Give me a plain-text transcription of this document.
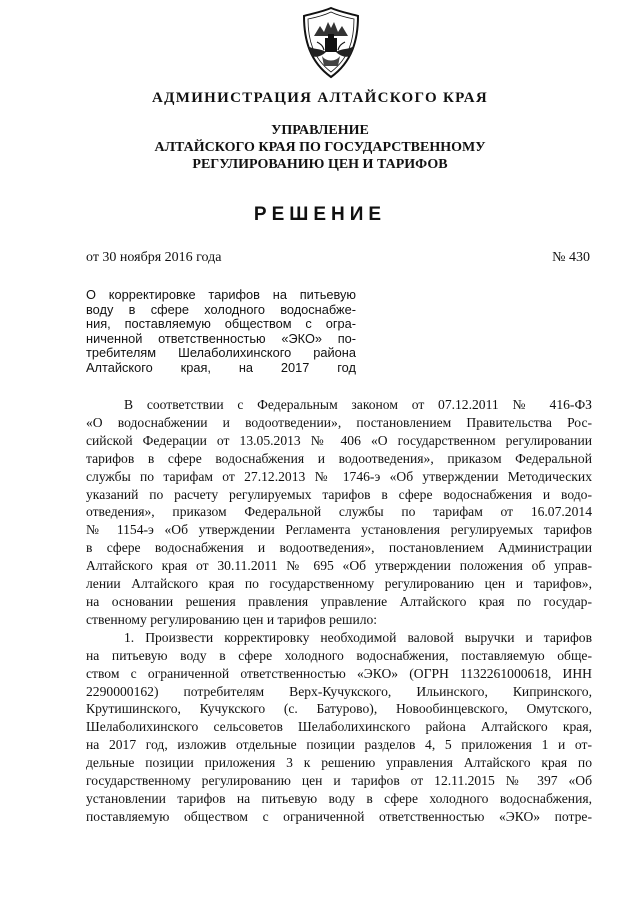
АДМИНИСТРАЦИЯ АЛТАЙСКОГО КРАЯ
УПРАВЛЕНИЕ
АЛТАЙСКОГО КРАЯ ПО ГОСУДАРСТВЕННОМУ
РЕГУЛИРОВАНИЮ ЦЕН И ТАРИФОВ
РЕШЕНИЕ
от 30 ноября 2016 года	№ 430
О корректировке тарифов на питьевую
воду в сфере холодного водоснабже-
ния, поставляемую обществом с огра-
ниченной ответственностью «ЭКО» по-
требителям Шелаболихинского района
Алтайского края, на 2017 год
В соответствии с Федеральным законом от 07.12.2011 № 416-ФЗ
«О водоснабжении и водоотведении», постановлением Правительства Рос-
сийской Федерации от 13.05.2013 № 406 «О государственном регулировании
тарифов в сфере водоснабжения и водоотведения», приказом Федеральной
службы по тарифам от 27.12.2013 № 1746-э «Об утверждении Методических
указаний по расчету регулируемых тарифов в сфере водоснабжения и водо-
отведения», приказом Федеральной службы по тарифам от 16.07.2014
№ 1154-э «Об утверждении Регламента установления регулируемых тарифов
в сфере водоснабжения и водоотведения», постановлением Администрации
Алтайского края от 30.11.2011 № 695 «Об утверждении положения об управ-
лении Алтайского края по государственному регулированию цен и тарифов»,
на основании решения правления управление Алтайского края по государ-
ственному регулированию цен и тарифов решило:
1. Произвести корректировку необходимой валовой выручки и тарифов
на питьевую воду в сфере холодного водоснабжения, поставляемую обще-
ством с ограниченной ответственностью «ЭКО» (ОГРН 1132261000618, ИНН
2290000162) потребителям Верх-Кучукского, Ильинского, Кипринского,
Крутишинского, Кучукского (с. Батурово), Новообинцевского, Омутского,
Шелаболихинского сельсоветов Шелаболихинского района Алтайского края,
на 2017 год, изложив отдельные позиции разделов 4, 5 приложения 1 и от-
дельные позиции приложения 3 к решению управления Алтайского края по
государственному регулированию цен и тарифов от 12.11.2015 № 397 «Об
установлении тарифов на питьевую воду в сфере холодного водоснабжения,
поставляемую обществом с ограниченной ответственностью «ЭКО» потре-
